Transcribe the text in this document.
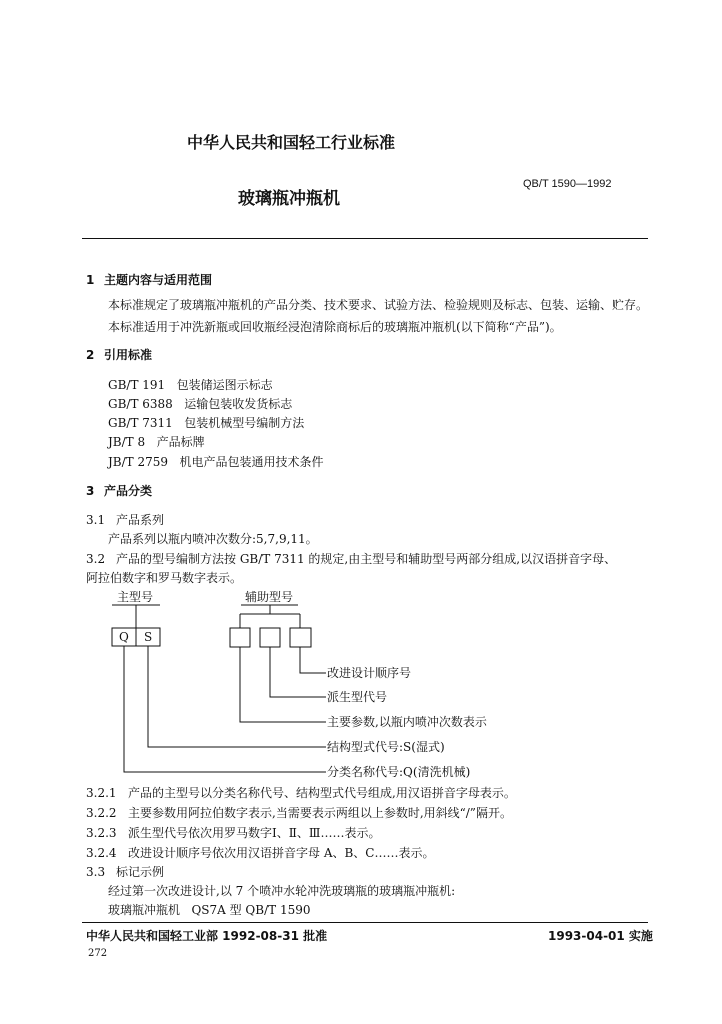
中华人民共和国轻工行业标准
玻璃瓶冲瓶机
QB/T 1590—1992
1 主题内容与适用范围
本标准规定了玻璃瓶冲瓶机的产品分类、技术要求、试验方法、检验规则及标志、包装、运输、贮存。
本标准适用于冲洗新瓶或回收瓶经浸泡清除商标后的玻璃瓶冲瓶机(以下简称“产品”)。
2 引用标准
GB/T 191   包装储运图示标志
GB/T 6388   运输包装收发货标志
GB/T 7311   包装机械型号编制方法
JB/T 8   产品标牌
JB/T 2759   机电产品包装通用技术条件
3 产品分类
3.1 产品系列
产品系列以瓶内喷冲次数分:5,7,9,11。
3.2 产品的型号编制方法按 GB/T 7311 的规定,由主型号和辅助型号两部分组成,以汉语拼音字母、
阿拉伯数字和罗马数字表示。
主型号	辅助型号
Q S
改进设计顺序号
派生型代号
主要参数,以瓶内喷冲次数表示
结构型式代号:S(湿式)
分类名称代号:Q(清洗机械)
3.2.1 产品的主型号以分类名称代号、结构型式代号组成,用汉语拼音字母表示。
3.2.2 主要参数用阿拉伯数字表示,当需要表示两组以上参数时,用斜线“/”隔开。
3.2.3 派生型代号依次用罗马数字Ⅰ、Ⅱ、Ⅲ……表示。
3.2.4 改进设计顺序号依次用汉语拼音字母 A、B、C……表示。
3.3 标记示例
经过第一次改进设计,以 7 个喷冲水轮冲洗玻璃瓶的玻璃瓶冲瓶机:
玻璃瓶冲瓶机   QS7A 型 QB/T 1590
中华人民共和国轻工业部 1992-08-31 批准	1993-04-01 实施
272
